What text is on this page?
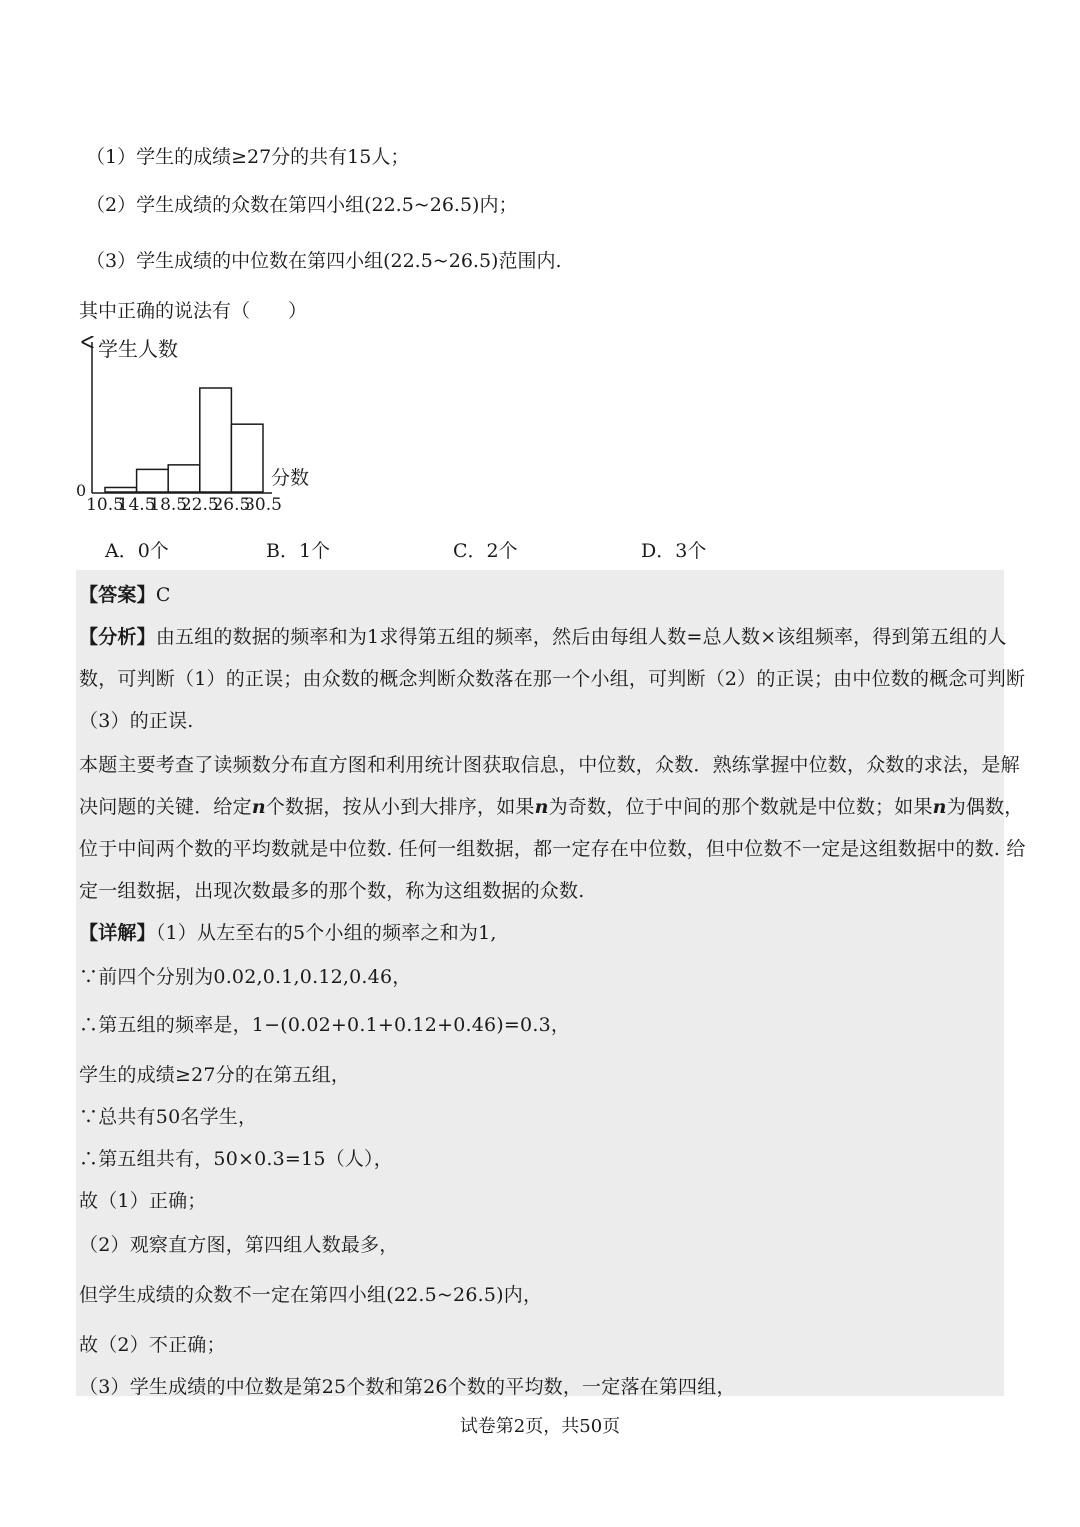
（1）学生的成绩≥27分的共有15人；
（2）学生成绩的众数在第四小组(22.5~26.5)内；
（3）学生成绩的中位数在第四小组(22.5~26.5)范围内.
其中正确的说法有（　　）
学生人数
分数
0
10.5
14.5
18.5
22.5
26.5
30.5
A．0个	B．1个	C．2个	D．3个
【答案】C
【分析】由五组的数据的频率和为1求得第五组的频率，然后由每组人数=总人数×该组频率，得到第五组的人
数，可判断（1）的正误；由众数的概念判断众数落在那一个小组，可判断（2）的正误；由中位数的概念可判断
（3）的正误.
本题主要考查了读频数分布直方图和利用统计图获取信息，中位数，众数．熟练掌握中位数，众数的求法，是解
决问题的关键．给定n个数据，按从小到大排序，如果n为奇数，位于中间的那个数就是中位数；如果n为偶数，
位于中间两个数的平均数就是中位数. 任何一组数据，都一定存在中位数，但中位数不一定是这组数据中的数. 给
定一组数据，出现次数最多的那个数，称为这组数据的众数.
【详解】（1）从左至右的5个小组的频率之和为1,
∵前四个分别为0.02,0.1,0.12,0.46，
∴第五组的频率是，1−(0.02+0.1+0.12+0.46)=0.3，
学生的成绩≥27分的在第五组，
∵总共有50名学生，
∴第五组共有，50×0.3=15（人），
故（1）正确；
（2）观察直方图，第四组人数最多，
但学生成绩的众数不一定在第四小组(22.5~26.5)内，
故（2）不正确；
（3）学生成绩的中位数是第25个数和第26个数的平均数，一定落在第四组，
试卷第2页，共50页
